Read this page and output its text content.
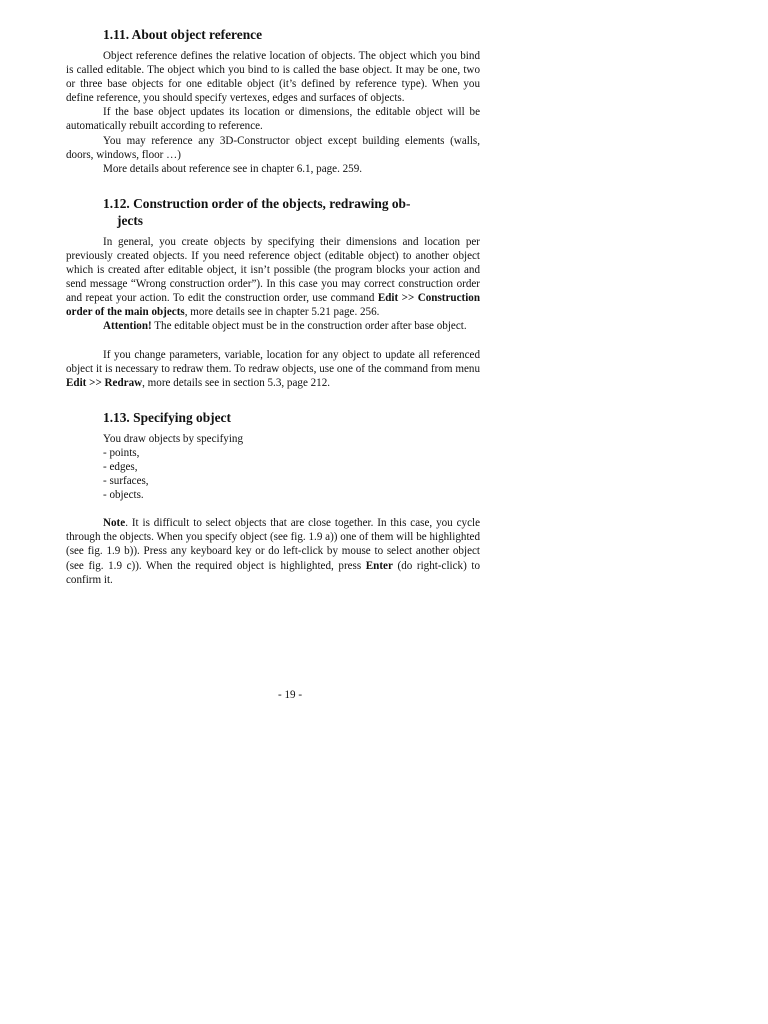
1.11. About object reference

Object reference defines the relative location of objects. The object which you bind is called editable. The object which you bind to is called the base object. It may be one, two or three base objects for one editable object (it’s defined by reference type). When you define reference, you should specify vertexes, edges and surfaces of objects.

If the base object updates its location or dimensions, the editable object will be automatically rebuilt according to reference.

You may reference any 3D-Constructor object except building elements (walls, doors, windows, floor …)

More details about reference see in chapter 6.1, page. 259.

1.12. Construction order of the objects, redrawing ob-
jects

In general, you create objects by specifying their dimensions and location per previously created objects. If you need reference object (editable object) to another object which is created after editable object, it isn’t possible (the program blocks your action and send message “Wrong construction order”). In this case you may correct construction order and repeat your action. To edit the construction order, use command Edit >> Construction order of the main objects, more details see in chapter 5.21 page. 256.

Attention! The editable object must be in the construction order after base object.

If you change parameters, variable, location for any object to update all referenced object it is necessary to redraw them. To redraw objects, use one of the command from menu Edit >> Redraw, more details see in section 5.3, page 212.

1.13. Specifying object

You draw objects by specifying

- points,
- edges,
- surfaces,
- objects.

Note. It is difficult to select objects that are close together. In this case, you cycle through the objects. When you specify object (see fig. 1.9 a)) one of them will be highlighted (see fig. 1.9 b)). Press any keyboard key or do left-click by mouse to select another object (see fig. 1.9 c)). When the required object is highlighted, press Enter (do right-click) to confirm it.

- 19 -
